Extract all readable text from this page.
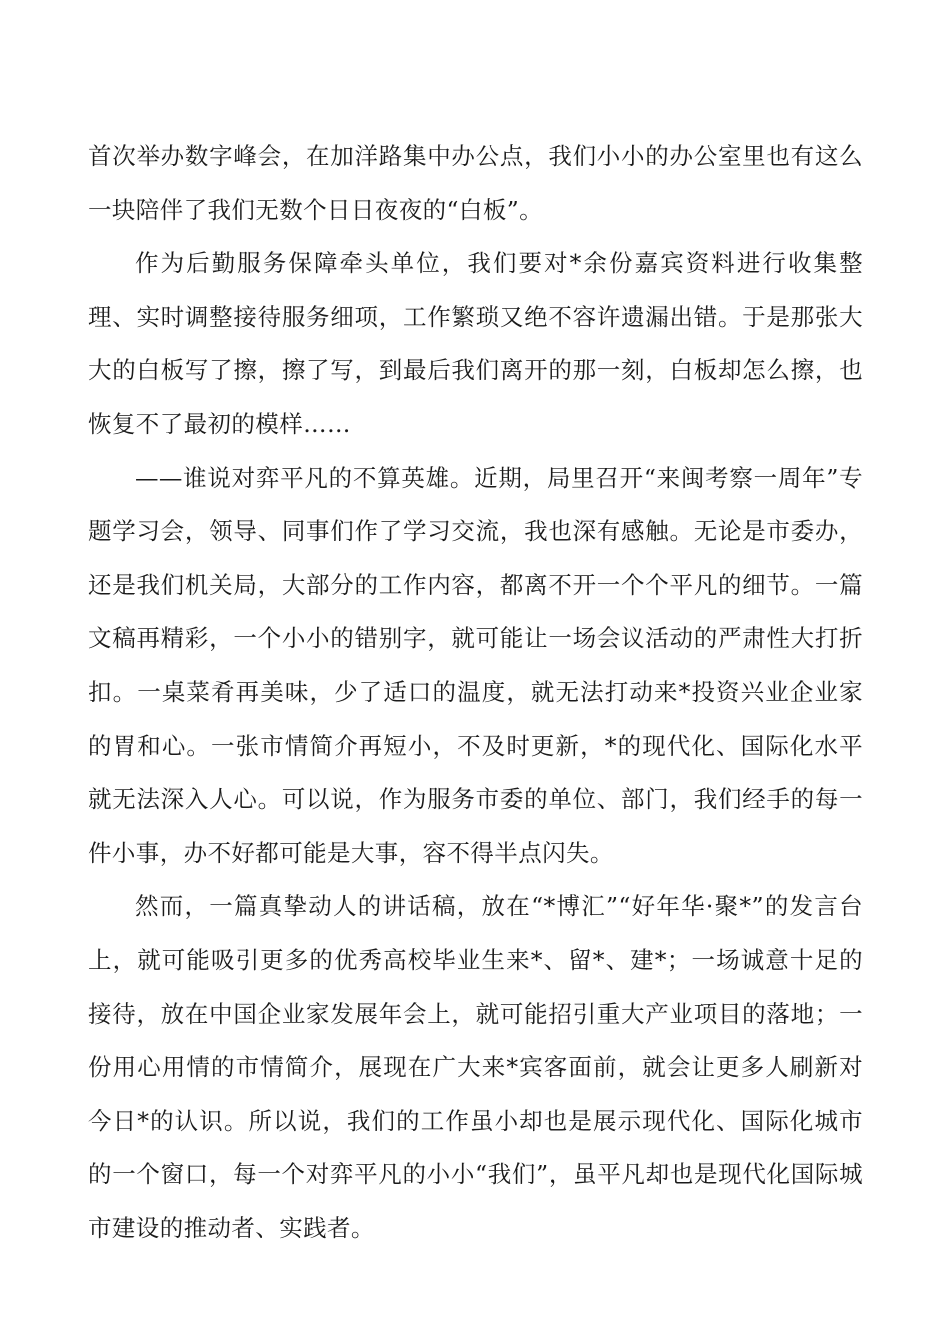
首次举办数字峰会，在加洋路集中办公点，我们小小的办公室里也有这么一块陪伴了我们无数个日日夜夜的“白板”。

作为后勤服务保障牵头单位，我们要对*余份嘉宾资料进行收集整理、实时调整接待服务细项，工作繁琐又绝不容许遗漏出错。于是那张大大的白板写了擦，擦了写，到最后我们离开的那一刻，白板却怎么擦，也恢复不了最初的模样……

——谁说对弈平凡的不算英雄。近期，局里召开“来闽考察一周年”专题学习会，领导、同事们作了学习交流，我也深有感触。无论是市委办，还是我们机关局，大部分的工作内容，都离不开一个个平凡的细节。一篇文稿再精彩，一个小小的错别字，就可能让一场会议活动的严肃性大打折扣。一桌菜肴再美味，少了适口的温度，就无法打动来*投资兴业企业家的胃和心。一张市情简介再短小，不及时更新，*的现代化、国际化水平就无法深入人心。可以说，作为服务市委的单位、部门，我们经手的每一件小事，办不好都可能是大事，容不得半点闪失。

然而，一篇真挚动人的讲话稿，放在“*博汇”“好年华·聚*”的发言台上，就可能吸引更多的优秀高校毕业生来*、留*、建*；一场诚意十足的接待，放在中国企业家发展年会上，就可能招引重大产业项目的落地；一份用心用情的市情简介，展现在广大来*宾客面前，就会让更多人刷新对今日*的认识。所以说，我们的工作虽小却也是展示现代化、国际化城市的一个窗口，每一个对弈平凡的小小“我们”，虽平凡却也是现代化国际城市建设的推动者、实践者。
